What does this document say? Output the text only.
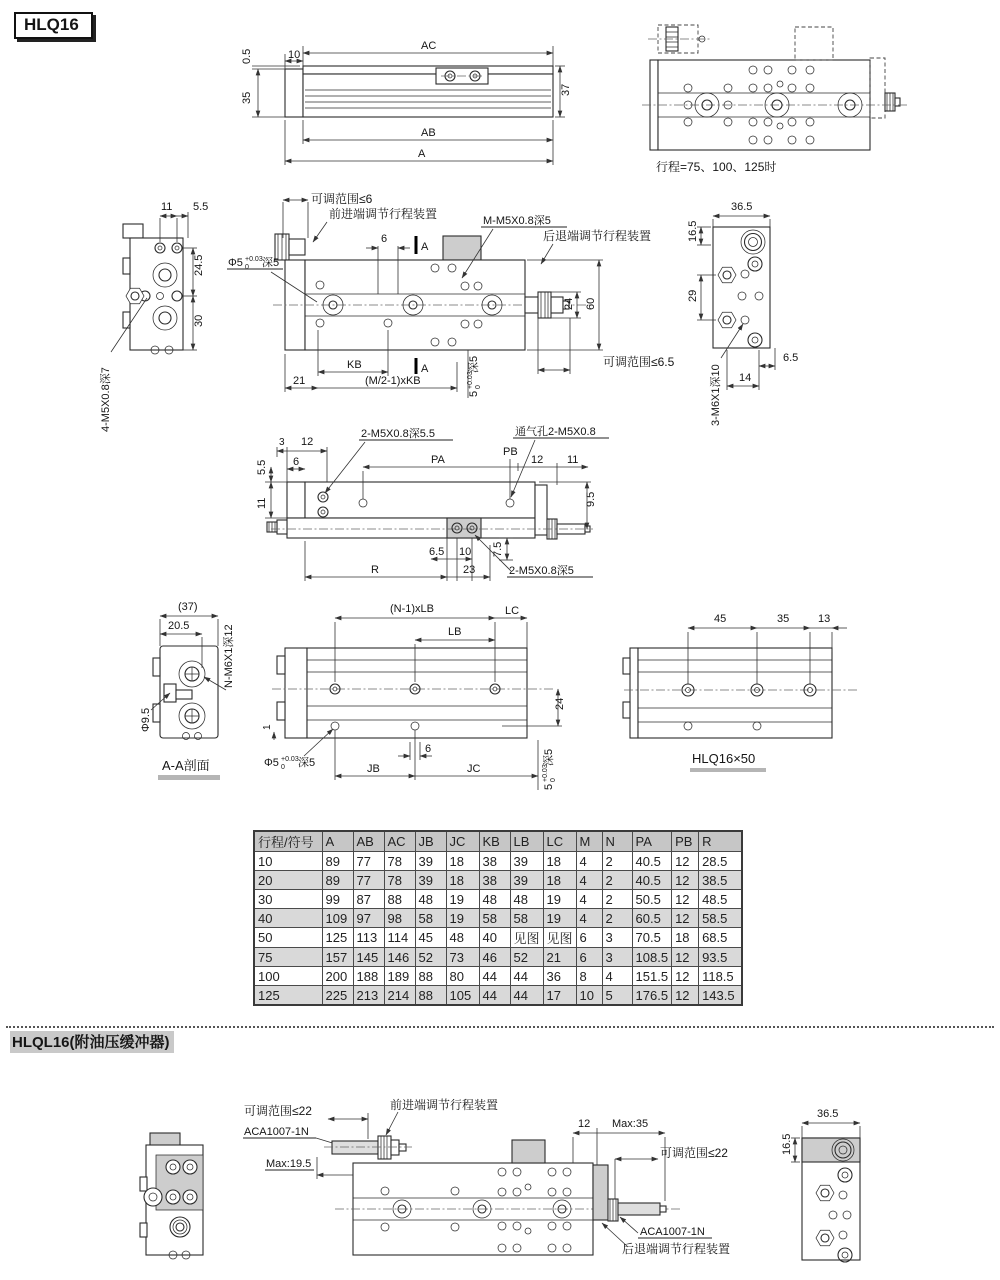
HLQ16
0.5
35
10
AC
37
AB
A
行程=75、100、125时
11 5.5
24.5
30
4-M5X0.8深7
可调范围≤6
前进端调节行程装置
Φ5 +0.03
0 深5
M-M5X0.8深5
后退端调节行程装置
6
A
A
KB
21	(M/2-1)xKB
5
+0.03 0
深5
24 60
可调范围≤6.5
36.5
16.5
29
6.5
14
3-M6X1深10
2-M5X0.8深5.5	通气孔2-M5X0.8
3 12
5.5 6
11
PA
PB
12 11
9.5
7.5
6.5 10
R	23	2-M5X0.8深5
(37)
20.5	N-M6X1深12
Φ9.5
A-A剖面
(N-1)xLB	LC
LB
24
1
6
JB	JC
Φ5 +0.03
0 深5
5
+0.03 0
深5
45	35	13
HLQ16×50
行程/符号	A	AB	AC	JB	JC	KB	LB	LC	M	N	PA	PB	R
10	89	77	78	39	18	38	39	18	4	2	40.5	12	28.5
20	89	77	78	39	18	38	39	18	4	2	40.5	12	38.5
30	99	87	88	48	19	48	48	19	4	2	50.5	12	48.5
40	109	97	98	58	19	58	58	19	4	2	60.5	12	58.5
50	125	113	114	45	48	40	见图	见图	6	3	70.5	18	68.5
75	157	145	146	52	73	46	52	21	6	3	108.5	12	93.5
100	200	188	189	88	80	44	44	36	8	4	151.5	12	118.5
125	225	213	214	88	105	44	44	17	10	5	176.5	12	143.5
HLQL16(附油压缓冲器)
可调范围≤22
ACA1007-1N
Max:19.5
前进端调节行程装置
12 Max:35
可调范围≤22
ACA1007-1N
后退端调节行程装置
36.5
16.5
